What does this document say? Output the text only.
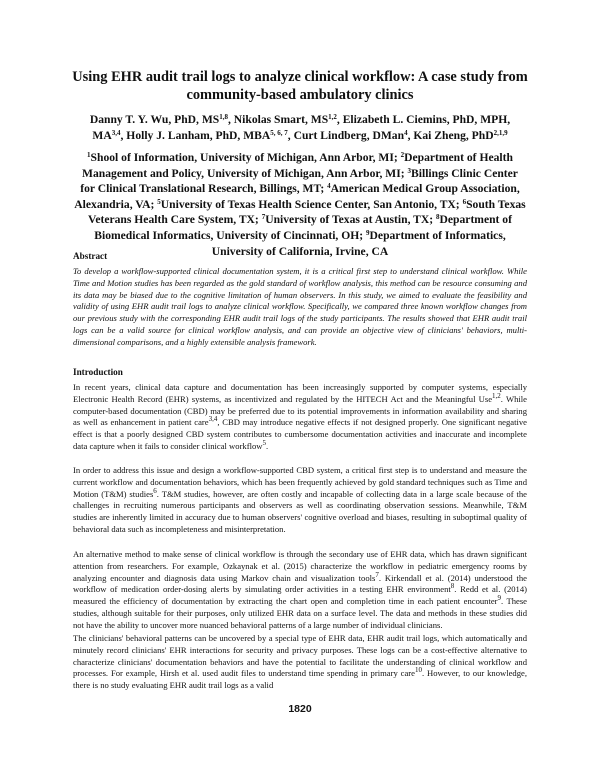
Using EHR audit trail logs to analyze clinical workflow: A case study from community-based ambulatory clinics
Danny T. Y. Wu, PhD, MS$^{1,8}$, Nikolas Smart, MS$^{1,2}$, Elizabeth L. Ciemins, PhD, MPH, MA$^{3,4}$, Holly J. Lanham, PhD, MBA$^{5, 6, 7}$, Curt Lindberg, DMan$^4$, Kai Zheng, PhD$^{2,1,9}$
$^1$Shool of Information, University of Michigan, Ann Arbor, MI; $^2$Department of Health Management and Policy, University of Michigan, Ann Arbor, MI; $^3$Billings Clinic Center for Clinical Translational Research, Billings, MT; $^4$American Medical Group Association, Alexandria, VA; $^5$University of Texas Health Science Center, San Antonio, TX; $^6$South Texas Veterans Health Care System, TX; $^7$University of Texas at Austin, TX; $^8$Department of Biomedical Informatics, University of Cincinnati, OH; $^9$Department of Informatics, University of California, Irvine, CA
Abstract

To develop a workflow-supported clinical documentation system, it is a critical first step to understand clinical workflow. While Time and Motion studies has been regarded as the gold standard of workflow analysis, this method can be resource consuming and its data may be biased due to the cognitive limitation of human observers. In this study, we aimed to evaluate the feasibility and validity of using EHR audit trail logs to analyze clinical workflow. Specifically, we compared three known workflow changes from our previous study with the corresponding EHR audit trail logs of the study participants. The results showed that EHR audit trail logs can be a valid source for clinical workflow analysis, and can provide an objective view of clinicians' behaviors, multi-dimensional comparisons, and a highly extensible analysis framework.

Introduction

In recent years, clinical data capture and documentation has been increasingly supported by computer systems, especially Electronic Health Record (EHR) systems, as incentivized and regulated by the HITECH Act and the Meaningful Use$^{1,2}$. While computer-based documentation (CBD) may be preferred due to its potential improvements in information availability and sharing as well as enhancement in patient care$^{3,4}$, CBD may introduce negative effects if not designed properly. One significant negative effect is that a poorly designed CBD system contributes to cumbersome documentation activities and inaccurate and incomplete data capture when it fails to consider clinical workflow$^5$.

In order to address this issue and design a workflow-supported CBD system, a critical first step is to understand and measure the current workflow and documentation behaviors, which has been frequently achieved by gold standard techniques such as Time and Motion (T&M) studies$^6$. T&M studies, however, are often costly and incapable of collecting data in a large scale because of the challenges in recruiting numerous participants and observers as well as coordinating observation sessions. Meanwhile, T&M studies are inherently limited in accuracy due to human observers' cognitive overload and biases, resulting in suboptimal quality of behavioral data such as incompleteness and misinterpretation.

An alternative method to make sense of clinical workflow is through the secondary use of EHR data, which has drawn significant attention from researchers. For example, Ozkaynak et al. (2015) characterize the workflow in pediatric emergency rooms by analyzing encounter and diagnosis data using Markov chain and visualization tools$^7$. Kirkendall et al. (2014) understood the workflow of medication order-dosing alerts by simulating order activities in a testing EHR environment$^8$. Redd et al. (2014) measured the efficiency of documentation by extracting the chart open and completion time in each patient encounter$^9$. These studies, although suitable for their purposes, only utilized EHR data on a surface level. The data and methods in these studies did not have the ability to uncover more nuanced behavioral patterns of a large number of individual clinicians.

The clinicians' behavioral patterns can be uncovered by a special type of EHR data, EHR audit trail logs, which automatically and minutely record clinicians' EHR interactions for security and privacy purposes. These logs can be a cost-effective alternative to characterize clinicians' documentation behaviors and have the potential to facilitate the understanding of clinical workflow and processes. For example, Hirsh et al. used audit files to understand time spending in primary care$^{10}$. However, to our knowledge, there is no study evaluating EHR audit trail logs as a valid

1820
